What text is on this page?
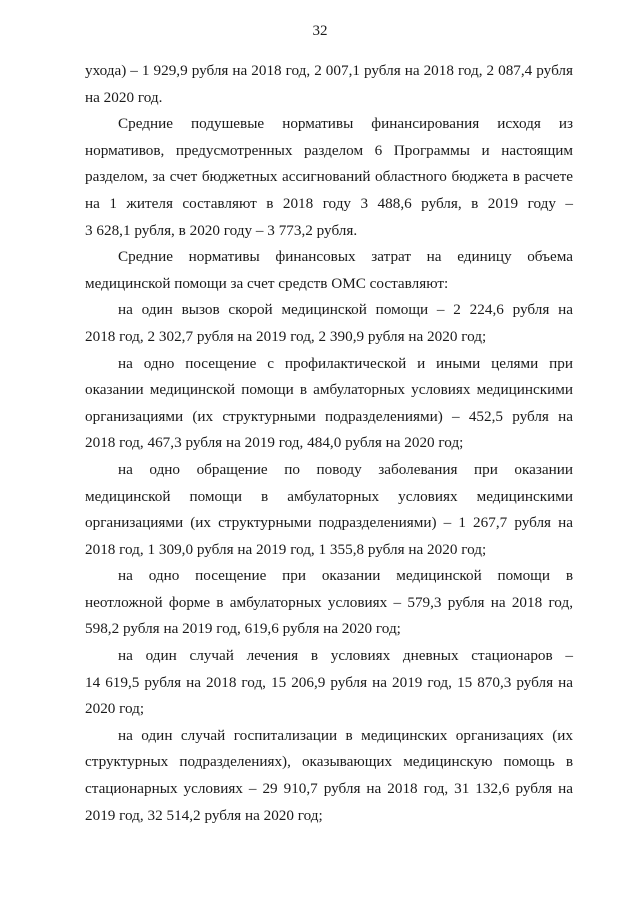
32

ухода) – 1 929,9 рубля на 2018 год, 2 007,1 рубля на 2018 год, 2 087,4 рубля
на 2020 год.

Средние подушевые нормативы финансирования исходя из
нормативов, предусмотренных разделом 6 Программы и настоящим
разделом, за счет бюджетных ассигнований областного бюджета в расчете
на 1 жителя составляют в 2018 году 3 488,6 рубля, в 2019 году –
3 628,1 рубля, в 2020 году – 3 773,2 рубля.

Средние нормативы финансовых затрат на единицу объема
медицинской помощи за счет средств ОМС составляют:

на один вызов скорой медицинской помощи – 2 224,6 рубля на
2018 год, 2 302,7 рубля на 2019 год, 2 390,9 рубля на 2020 год;

на одно посещение с профилактической и иными целями при
оказании медицинской помощи в амбулаторных условиях медицинскими
организациями (их структурными подразделениями) – 452,5 рубля на
2018 год, 467,3 рубля на 2019 год, 484,0 рубля на 2020 год;

на одно обращение по поводу заболевания при оказании
медицинской помощи в амбулаторных условиях медицинскими
организациями (их структурными подразделениями) – 1 267,7 рубля на
2018 год, 1 309,0 рубля на 2019 год, 1 355,8 рубля на 2020 год;

на одно посещение при оказании медицинской помощи в
неотложной форме в амбулаторных условиях – 579,3 рубля на 2018 год,
598,2 рубля на 2019 год, 619,6 рубля на 2020 год;

на один случай лечения в условиях дневных стационаров –
14 619,5 рубля на 2018 год, 15 206,9 рубля на 2019 год, 15 870,3 рубля на
2020 год;

на один случай госпитализации в медицинских организациях (их
структурных подразделениях), оказывающих медицинскую помощь в
стационарных условиях – 29 910,7 рубля на 2018 год, 31 132,6 рубля на
2019 год, 32 514,2 рубля на 2020 год;
